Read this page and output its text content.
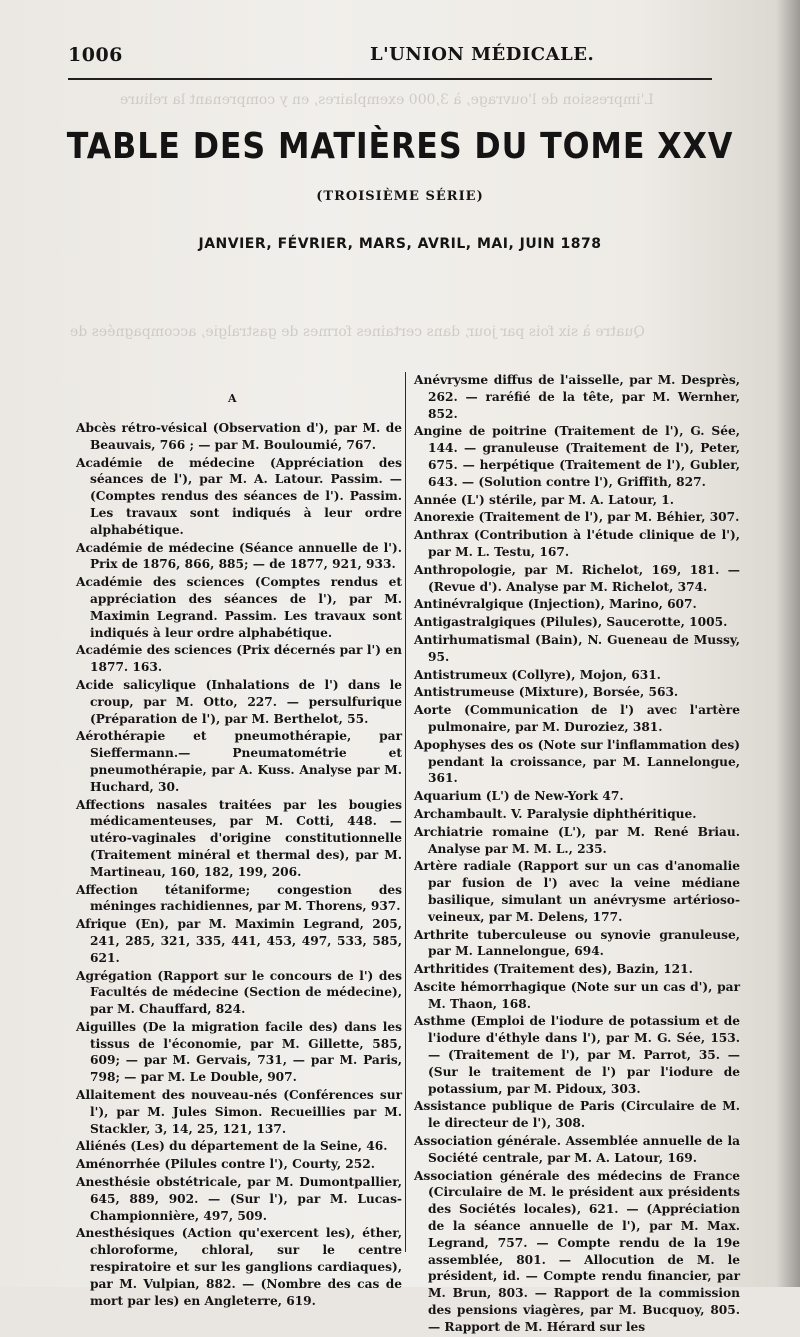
1006	L'UNION MÉDICALE.
L'impression de l'ouvrage, à 3,000 exemplaires, en y comprenant la reliure
Quatre à six fois par jour, dans certaines formes de gastralgie, accompagnées de
TABLE DES MATIÈRES DU TOME XXV
(TROISIÈME SÉRIE)
JANVIER, FÉVRIER, MARS, AVRIL, MAI, JUIN 1878
A

Abcès rétro-vésical (Observation d'), par M. de Beauvais, 766 ; — par M. Bouloumié, 767.

Académie de médecine (Appréciation des séances de l'), par M. A. Latour. Passim. — (Comptes rendus des séances de l'). Passim. Les travaux sont indiqués à leur ordre alphabétique.

Académie de médecine (Séance annuelle de l'). Prix de 1876, 866, 885; — de 1877, 921, 933.

Académie des sciences (Comptes rendus et appréciation des séances de l'), par M. Maximin Legrand. Passim. Les travaux sont indiqués à leur ordre alphabétique.

Académie des sciences (Prix décernés par l') en 1877. 163.

Acide salicylique (Inhalations de l') dans le croup, par M. Otto, 227. — persulfurique (Préparation de l'), par M. Berthelot, 55.

Aérothérapie et pneumothérapie, par Sieffermann.— Pneumatométrie et pneumothérapie, par A. Kuss. Analyse par M. Huchard, 30.

Affections nasales traitées par les bougies médicamenteuses, par M. Cotti, 448. — utéro-vaginales d'origine constitutionnelle (Traitement minéral et thermal des), par M. Martineau, 160, 182, 199, 206.

Affection tétaniforme; congestion des méninges rachidiennes, par M. Thorens, 937.

Afrique (En), par M. Maximin Legrand, 205, 241, 285, 321, 335, 441, 453, 497, 533, 585, 621.

Agrégation (Rapport sur le concours de l') des Facultés de médecine (Section de médecine), par M. Chauffard, 824.

Aiguilles (De la migration facile des) dans les tissus de l'économie, par M. Gillette, 585, 609; — par M. Gervais, 731, — par M. Paris, 798; — par M. Le Double, 907.

Allaitement des nouveau-nés (Conférences sur l'), par M. Jules Simon. Recueillies par M. Stackler, 3, 14, 25, 121, 137.

Aliénés (Les) du département de la Seine, 46.

Aménorrhée (Pilules contre l'), Courty, 252.

Anesthésie obstétricale, par M. Dumontpallier, 645, 889, 902. — (Sur l'), par M. Lucas-Championnière, 497, 509.

Anesthésiques (Action qu'exercent les), éther, chloroforme, chloral, sur le centre respiratoire et sur les ganglions cardiaques), par M. Vulpian, 882. — (Nombre des cas de mort par les) en Angleterre, 619.

Anévrysme diffus de l'aisselle, par M. Desprès, 262. — raréfié de la tête, par M. Wernher, 852.

Angine de poitrine (Traitement de l'), G. Sée, 144. — granuleuse (Traitement de l'), Peter, 675. — herpétique (Traitement de l'), Gubler, 643. — (Solution contre l'), Griffith, 827.

Année (L') stérile, par M. A. Latour, 1.

Anorexie (Traitement de l'), par M. Béhier, 307.

Anthrax (Contribution à l'étude clinique de l'), par M. L. Testu, 167.

Anthropologie, par M. Richelot, 169, 181. — (Revue d'). Analyse par M. Richelot, 374.

Antinévralgique (Injection), Marino, 607.

Antigastralgiques (Pilules), Saucerotte, 1005.

Antirhumatismal (Bain), N. Gueneau de Mussy, 95.

Antistrumeux (Collyre), Mojon, 631.

Antistrumeuse (Mixture), Borsée, 563.

Aorte (Communication de l') avec l'artère pulmonaire, par M. Duroziez, 381.

Apophyses des os (Note sur l'inflammation des) pendant la croissance, par M. Lannelongue, 361.

Aquarium (L') de New-York 47.

Archambault. V. Paralysie diphthéritique.

Archiatrie romaine (L'), par M. René Briau. Analyse par M. M. L., 235.

Artère radiale (Rapport sur un cas d'anomalie par fusion de l') avec la veine médiane basilique, simulant un anévrysme artérioso-veineux, par M. Delens, 177.

Arthrite tuberculeuse ou synovie granuleuse, par M. Lannelongue, 694.

Arthritides (Traitement des), Bazin, 121.

Ascite hémorrhagique (Note sur un cas d'), par M. Thaon, 168.

Asthme (Emploi de l'iodure de potassium et de l'iodure d'éthyle dans l'), par M. G. Sée, 153. — (Traitement de l'), par M. Parrot, 35. — (Sur le traitement de l') par l'iodure de potassium, par M. Pidoux, 303.

Assistance publique de Paris (Circulaire de M. le directeur de l'), 308.

Association générale. Assemblée annuelle de la Société centrale, par M. A. Latour, 169.

Association générale des médecins de France (Circulaire de M. le président aux présidents des Sociétés locales), 621. — (Appréciation de la séance annuelle de l'), par M. Max. Legrand, 757. — Compte rendu de la 19e assemblée, 801. — Allocution de M. le président, id. — Compte rendu financier, par M. Brun, 803. — Rapport de la commission des pensions viagères, par M. Bucquoy, 805. — Rapport de M. Hérard sur les
